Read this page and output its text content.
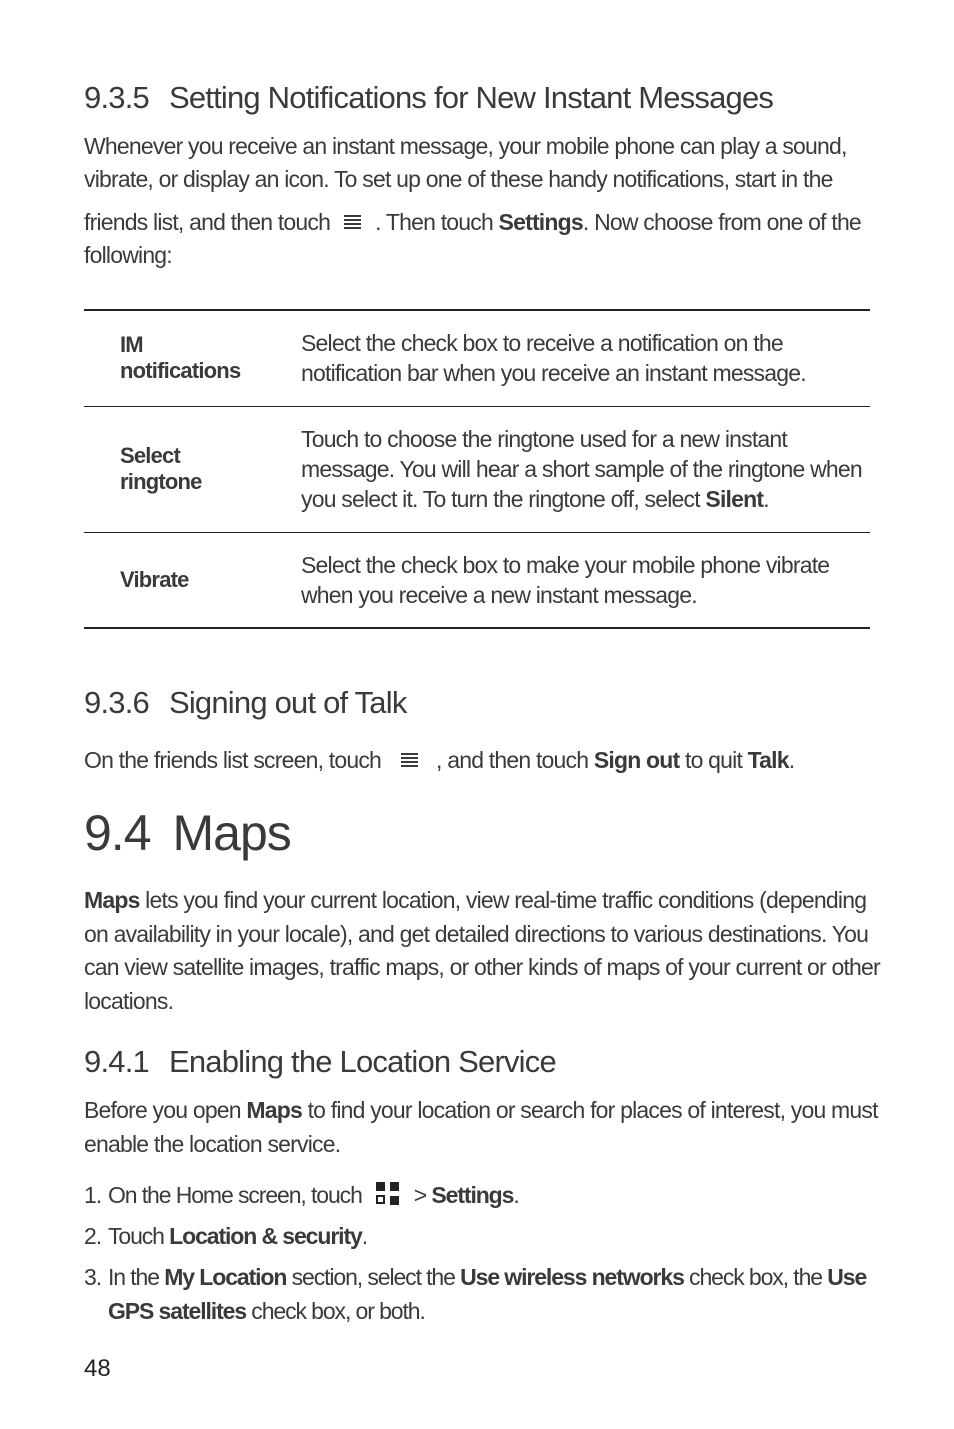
9.3.5 Setting Notifications for New Instant Messages

Whenever you receive an instant message, your mobile phone can play a sound,

vibrate, or display an icon. To set up one of these handy notifications, start in the

friends list, and then touch . Then touch Settings. Now choose from one of the

following:

IM notifications	Select the check box to receive a notification on the notification bar when you receive an instant message.

Select ringtone	Touch to choose the ringtone used for a new instant message. You will hear a short sample of the ringtone when you select it. To turn the ringtone off, select Silent.
Vibrate	Select the check box to make your mobile phone vibrate when you receive a new instant message.
9.3.6 Signing out of Talk

On the friends list screen, touch , and then touch Sign out to quit Talk.

9.4 Maps

Maps lets you find your current location, view real-time traffic conditions (depending

on availability in your locale), and get detailed directions to various destinations. You

can view satellite images, traffic maps, or other kinds of maps of your current or other

locations.

9.4.1 Enabling the Location Service

Before you open Maps to find your location or search for places of interest, you must

enable the location service.

1. On the Home screen, touch > Settings.
2. Touch Location & security.
3. In the My Location section, select the Use wireless networks check box, the Use
GPS satellites check box, or both.
48
